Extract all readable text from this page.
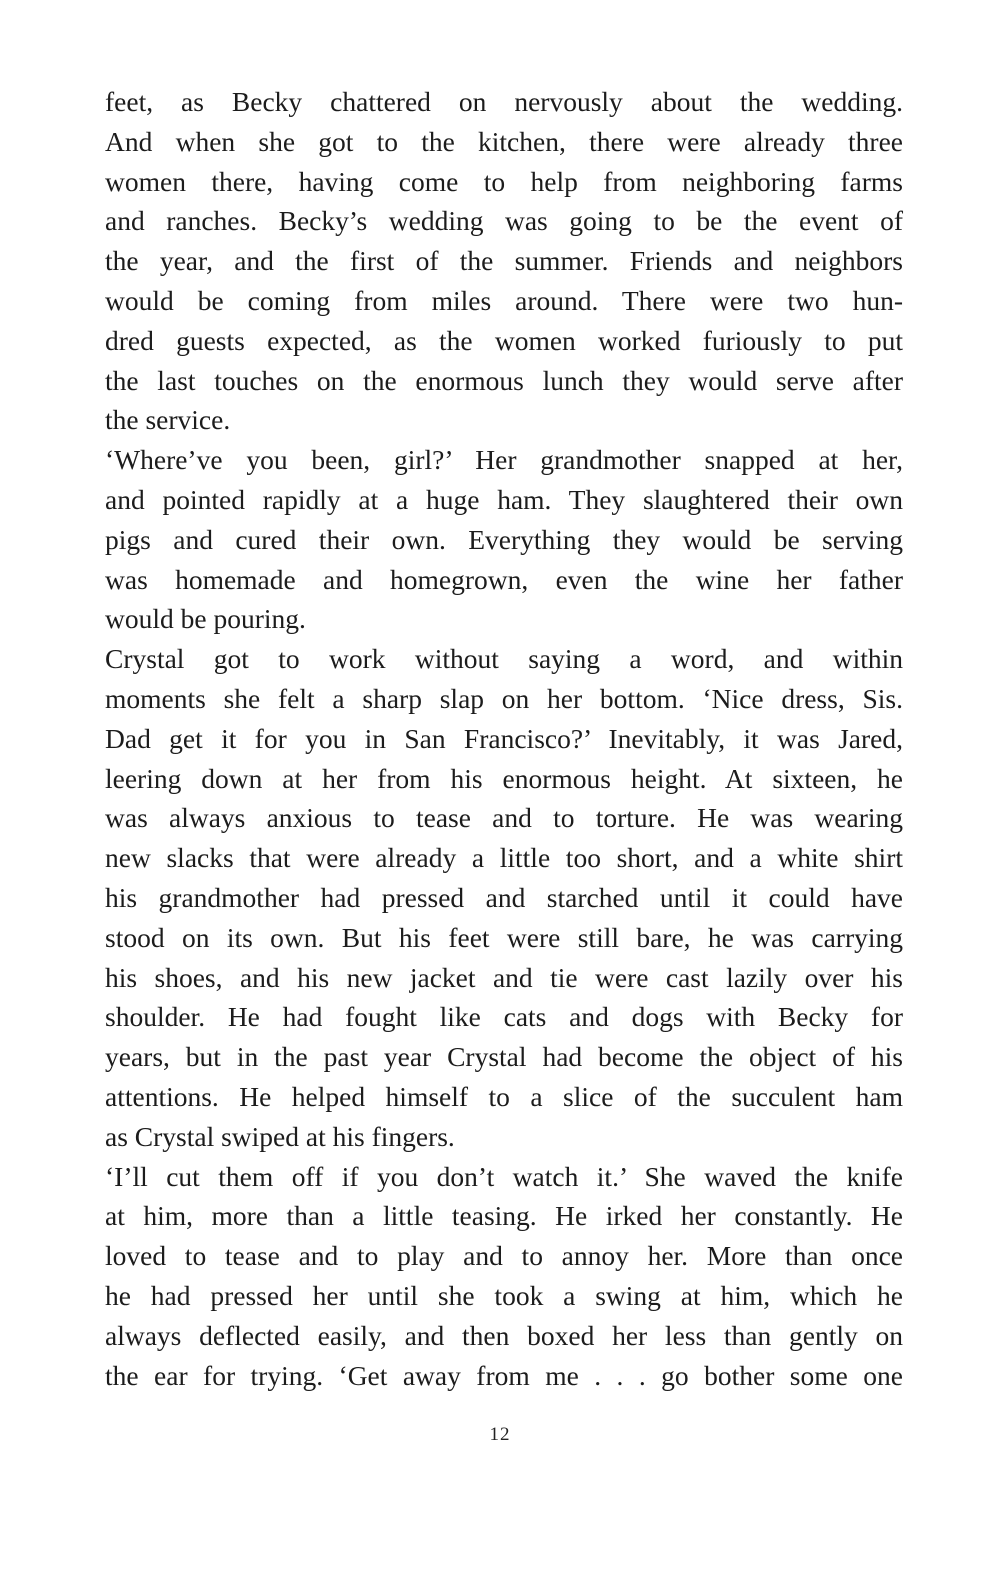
feet, as Becky chattered on nervously about the wedding.
And when she got to the kitchen, there were already three
women there, having come to help from neighboring farms
and ranches. Becky’s wedding was going to be the event of
the year, and the first of the summer. Friends and neighbors
would be coming from miles around. There were two hun-
dred guests expected, as the women worked furiously to put
the last touches on the enormous lunch they would serve after
the service.
‘Where’ve you been, girl?’ Her grandmother snapped at her,
and pointed rapidly at a huge ham. They slaughtered their own
pigs and cured their own. Everything they would be serving
was homemade and homegrown, even the wine her father
would be pouring.
Crystal got to work without saying a word, and within
moments she felt a sharp slap on her bottom. ‘Nice dress, Sis.
Dad get it for you in San Francisco?’ Inevitably, it was Jared,
leering down at her from his enormous height. At sixteen, he
was always anxious to tease and to torture. He was wearing
new slacks that were already a little too short, and a white shirt
his grandmother had pressed and starched until it could have
stood on its own. But his feet were still bare, he was carrying
his shoes, and his new jacket and tie were cast lazily over his
shoulder. He had fought like cats and dogs with Becky for
years, but in the past year Crystal had become the object of his
attentions. He helped himself to a slice of the succulent ham
as Crystal swiped at his fingers.
‘I’ll cut them off if you don’t watch it.’ She waved the knife
at him, more than a little teasing. He irked her constantly. He
loved to tease and to play and to annoy her. More than once
he had pressed her until she took a swing at him, which he
always deflected easily, and then boxed her less than gently on
the ear for trying. ‘Get away from me . . . go bother some one
12
